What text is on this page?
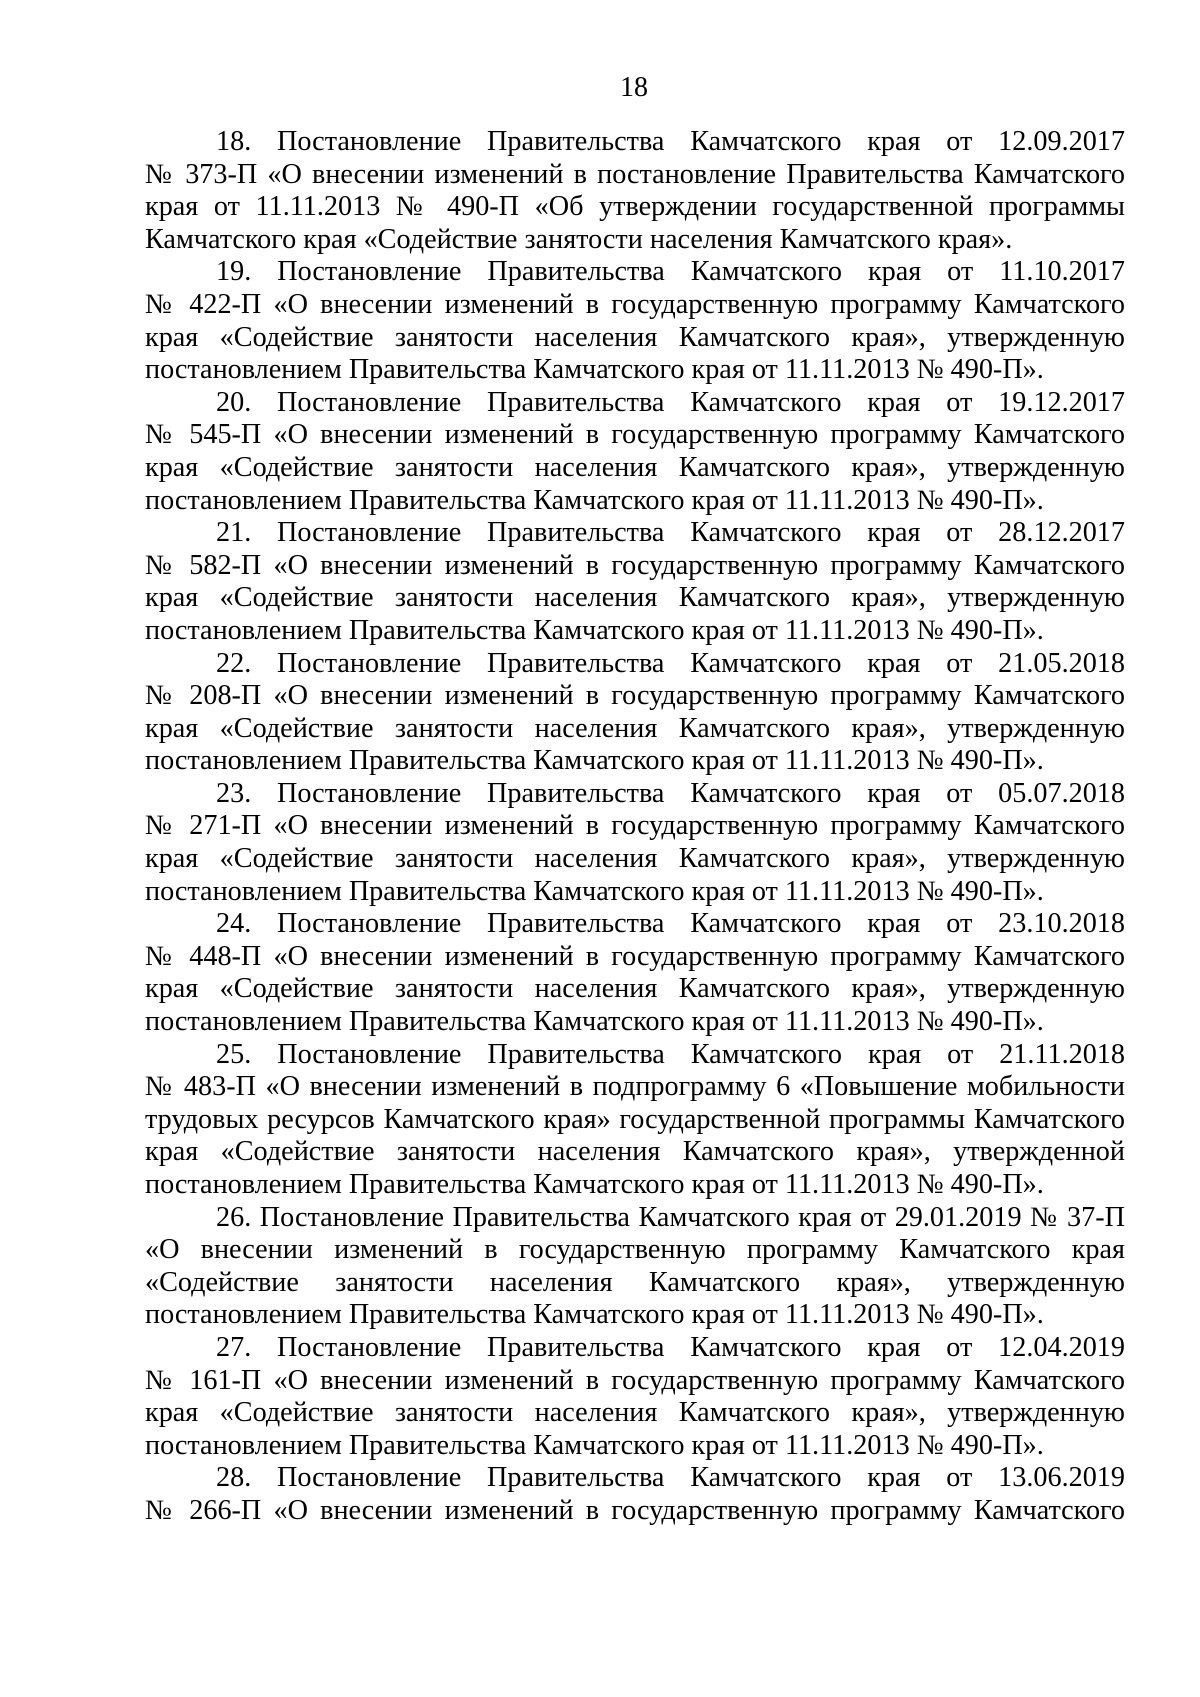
18
18. Постановление Правительства Камчатского края от 12.09.2017
№ 373-П «О внесении изменений в постановление Правительства Камчатского
края от 11.11.2013 № 490-П «Об утверждении государственной программы
Камчатского края «Содействие занятости населения Камчатского края».
19. Постановление Правительства Камчатского края от 11.10.2017
№ 422-П «О внесении изменений в государственную программу Камчатского
края «Содействие занятости населения Камчатского края», утвержденную
постановлением Правительства Камчатского края от 11.11.2013 № 490-П».
20. Постановление Правительства Камчатского края от 19.12.2017
№ 545-П «О внесении изменений в государственную программу Камчатского
края «Содействие занятости населения Камчатского края», утвержденную
постановлением Правительства Камчатского края от 11.11.2013 № 490-П».
21. Постановление Правительства Камчатского края от 28.12.2017
№ 582-П «О внесении изменений в государственную программу Камчатского
края «Содействие занятости населения Камчатского края», утвержденную
постановлением Правительства Камчатского края от 11.11.2013 № 490-П».
22. Постановление Правительства Камчатского края от 21.05.2018
№ 208-П «О внесении изменений в государственную программу Камчатского
края «Содействие занятости населения Камчатского края», утвержденную
постановлением Правительства Камчатского края от 11.11.2013 № 490-П».
23. Постановление Правительства Камчатского края от 05.07.2018
№ 271-П «О внесении изменений в государственную программу Камчатского
края «Содействие занятости населения Камчатского края», утвержденную
постановлением Правительства Камчатского края от 11.11.2013 № 490-П».
24. Постановление Правительства Камчатского края от 23.10.2018
№ 448-П «О внесении изменений в государственную программу Камчатского
края «Содействие занятости населения Камчатского края», утвержденную
постановлением Правительства Камчатского края от 11.11.2013 № 490-П».
25. Постановление Правительства Камчатского края от 21.11.2018
№ 483-П «О внесении изменений в подпрограмму 6 «Повышение мобильности
трудовых ресурсов Камчатского края» государственной программы Камчатского
края «Содействие занятости населения Камчатского края», утвержденной
постановлением Правительства Камчатского края от 11.11.2013 № 490-П».
26. Постановление Правительства Камчатского края от 29.01.2019 № 37-П
«О внесении изменений в государственную программу Камчатского края
«Содействие занятости населения Камчатского края», утвержденную
постановлением Правительства Камчатского края от 11.11.2013 № 490-П».
27. Постановление Правительства Камчатского края от 12.04.2019
№ 161-П «О внесении изменений в государственную программу Камчатского
края «Содействие занятости населения Камчатского края», утвержденную
постановлением Правительства Камчатского края от 11.11.2013 № 490-П».
28. Постановление Правительства Камчатского края от 13.06.2019
№ 266-П «О внесении изменений в государственную программу Камчатского
